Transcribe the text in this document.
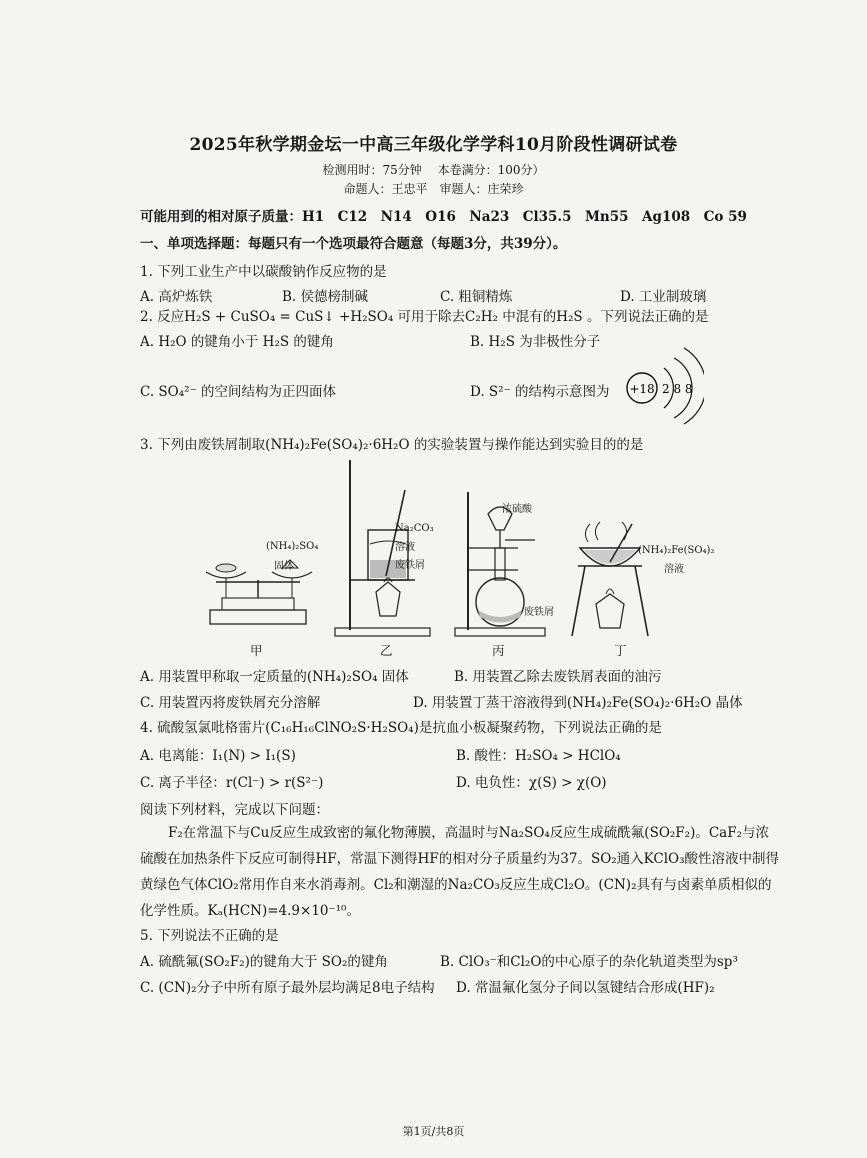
2025年秋学期金坛一中高三年级化学学科10月阶段性调研试卷
检测用时：75分钟　 本卷满分：100分）
命题人：王忠平　审题人：庄荣珍
可能用到的相对原子质量：H1　C12　N14　O16　Na23　Cl35.5　Mn55　Ag108　Co 59
一、单项选择题：每题只有一个选项最符合题意（每题3分，共39分）。
1. 下列工业生产中以碳酸钠作反应物的是
A. 高炉炼铁	B. 侯德榜制碱	C. 粗铜精炼	D. 工业制玻璃
2. 反应H₂S + CuSO₄ = CuS↓ +H₂SO₄ 可用于除去C₂H₂ 中混有的H₂S 。下列说法正确的是
A. H₂O 的键角小于 H₂S 的键角	B. H₂S 为非极性分子
C. SO₄²⁻ 的空间结构为正四面体	D. S²⁻ 的结构示意图为 +18 2 8 8
3. 下列由废铁屑制取(NH₄)₂Fe(SO₄)₂·6H₂O 的实验装置与操作能达到实验目的的是
(NH₄)₂SO₄
固体
Na₂CO₃
溶液
废铁屑
浓硫酸
废铁屑
(NH₄)₂Fe(SO₄)₂
溶液
甲	乙	丙	丁
A. 用装置甲称取一定质量的(NH₄)₂SO₄ 固体	B. 用装置乙除去废铁屑表面的油污
C. 用装置丙将废铁屑充分溶解	D. 用装置丁蒸干溶液得到(NH₄)₂Fe(SO₄)₂·6H₂O 晶体
4. 硫酸氢氯吡格雷片(C₁₆H₁₆ClNO₂S·H₂SO₄)是抗血小板凝聚药物，下列说法正确的是
A. 电离能：I₁(N) > I₁(S)	B. 酸性：H₂SO₄ > HClO₄
C. 离子半径：r(Cl⁻) > r(S²⁻)	D. 电负性：χ(S) > χ(O)
阅读下列材料，完成以下问题：
F₂在常温下与Cu反应生成致密的氟化物薄膜，高温时与Na₂SO₄反应生成硫酰氟(SO₂F₂)。CaF₂与浓硫酸在加热条件下反应可制得HF，常温下测得HF的相对分子质量约为37。SO₂通入KClO₃酸性溶液中制得黄绿色气体ClO₂常用作自来水消毒剂。Cl₂和潮湿的Na₂CO₃反应生成Cl₂O。(CN)₂具有与卤素单质相似的化学性质。Kₐ(HCN)=4.9×10⁻¹⁰。
5. 下列说法不正确的是
A. 硫酰氟(SO₂F₂)的键角大于 SO₂的键角	B. ClO₃⁻和Cl₂O的中心原子的杂化轨道类型为sp³
C. (CN)₂分子中所有原子最外层均满足8电子结构 D. 常温氟化氢分子间以氢键结合形成(HF)₂
第1页/共8页
